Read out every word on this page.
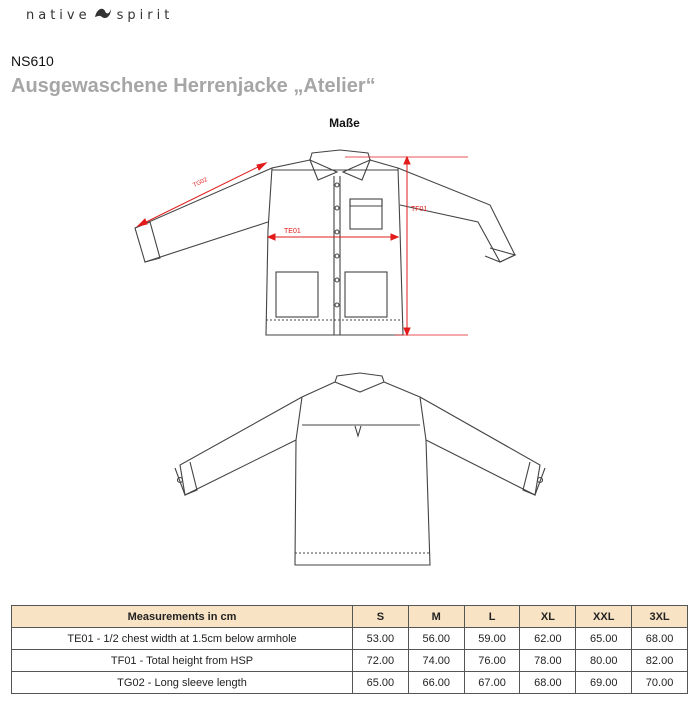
native spirit
NS610
Ausgewaschene Herrenjacke „Atelier“
Maße
TG02
TE01
TF01
Measurements in cm	S	M	L	XL	XXL	3XL
TE01 - 1/2 chest width at 1.5cm below armhole	53.00	56.00	59.00	62.00	65.00	68.00
TF01 - Total height from HSP	72.00	74.00	76.00	78.00	80.00	82.00
TG02 - Long sleeve length	65.00	66.00	67.00	68.00	69.00	70.00
